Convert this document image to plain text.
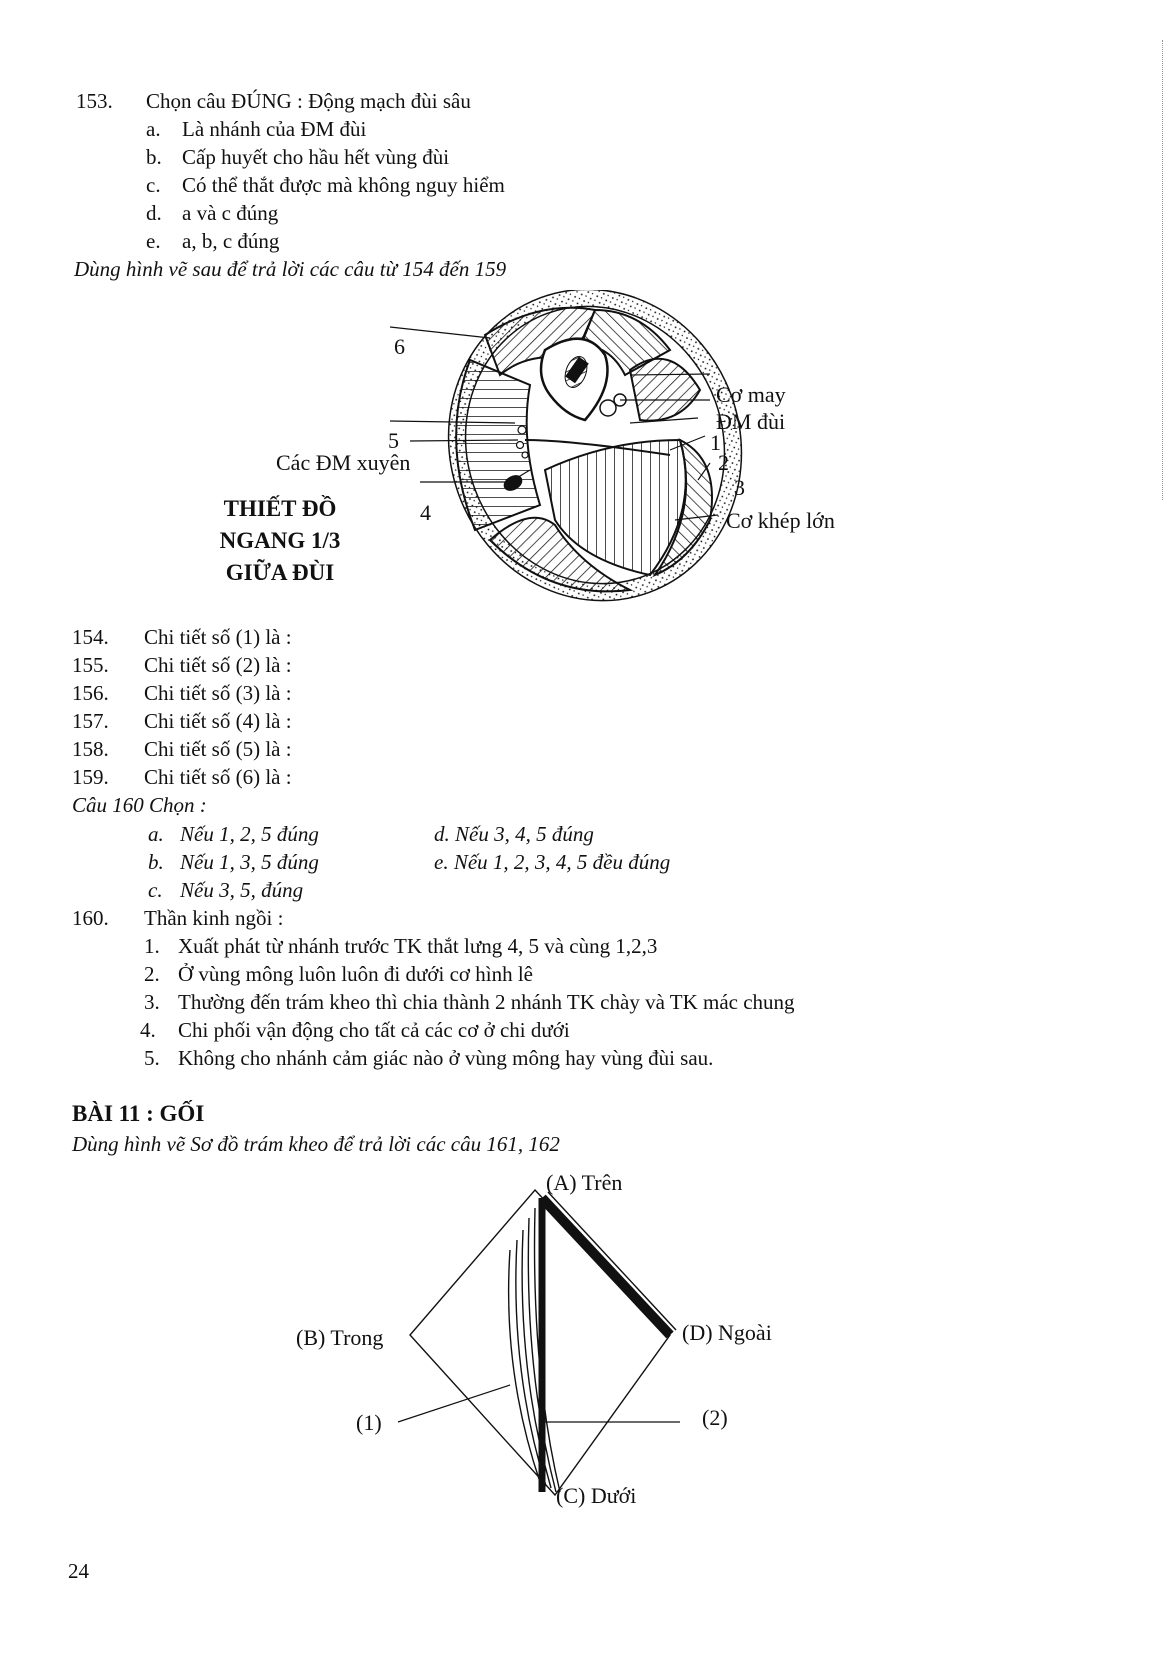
153. Chọn câu ĐÚNG : Động mạch đùi sâu
a. Là nhánh của ĐM đùi
b. Cấp huyết cho hầu hết vùng đùi
c. Có thể thắt được mà không nguy hiểm
d. a và c đúng
e. a, b, c đúng
Dùng hình vẽ sau để trả lời các câu từ 154 đến 159
6
5
Các ĐM xuyên
4
Cơ may
ĐM đùi
1
2
3
Cơ khép lớn
THIẾT ĐỒ
NGANG 1/3
GIỮA ĐÙI
154. Chi tiết số (1) là :
155. Chi tiết số (2) là :
156. Chi tiết số (3) là :
157. Chi tiết số (4) là :
158. Chi tiết số (5) là :
159. Chi tiết số (6) là :
Câu 160 Chọn :
a. Nếu 1, 2, 5 đúng
b. Nếu 1, 3, 5 đúng
c. Nếu 3, 5, đúng
d. Nếu 3, 4, 5 đúng
e. Nếu 1, 2, 3, 4, 5 đều đúng
160. Thần kinh ngồi :
1. Xuất phát từ nhánh trước TK thắt lưng 4, 5 và cùng 1,2,3
2. Ở vùng mông luôn luôn đi dưới cơ hình lê
3. Thường đến trám kheo thì chia thành 2 nhánh TK chày và TK mác chung
4. Chi phối vận động cho tất cả các cơ ở chi dưới
5. Không cho nhánh cảm giác nào ở vùng mông hay vùng đùi sau.
BÀI 11 : GỐI
Dùng hình vẽ Sơ đồ trám kheo để trả lời các câu 161, 162
(A) Trên
(B) Trong	(D) Ngoài
(C) Dưới
(1)	(2)
24
